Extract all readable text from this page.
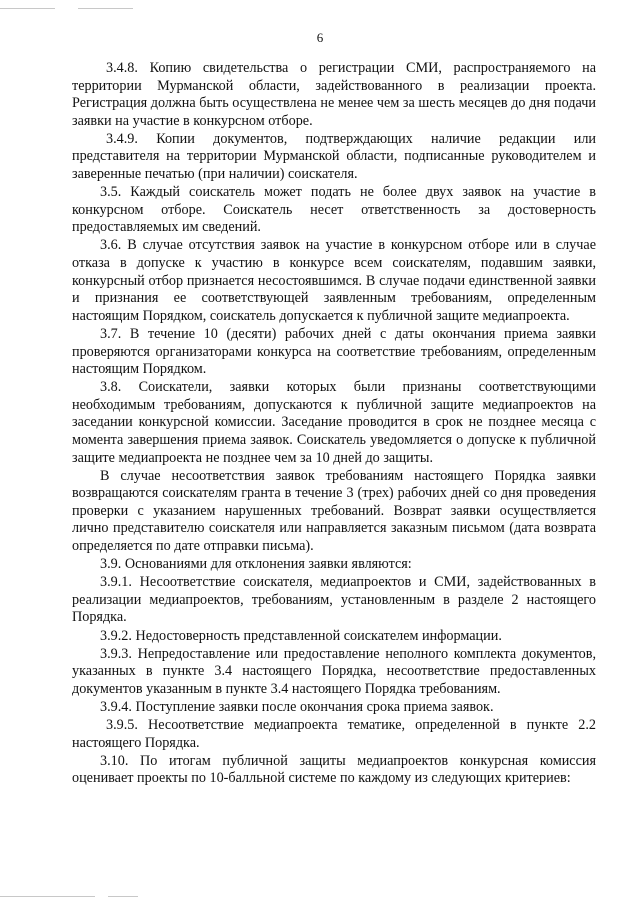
6

3.4.8. Копию свидетельства о регистрации СМИ, распространяемого на территории Мурманской области, задействованного в реализации проекта. Регистрация должна быть осуществлена не менее чем за шесть месяцев до дня подачи заявки на участие в конкурсном отборе.

3.4.9. Копии документов, подтверждающих наличие редакции или представителя на территории Мурманской области, подписанные руководителем и заверенные печатью (при наличии) соискателя.

3.5. Каждый соискатель может подать не более двух заявок на участие в конкурсном отборе. Соискатель несет ответственность за достоверность предоставляемых им сведений.

3.6. В случае отсутствия заявок на участие в конкурсном отборе или в случае отказа в допуске к участию в конкурсе всем соискателям, подавшим заявки, конкурсный отбор признается несостоявшимся. В случае подачи единственной заявки и признания ее соответствующей заявленным требованиям, определенным настоящим Порядком, соискатель допускается к публичной защите медиапроекта.

3.7. В течение 10 (десяти) рабочих дней с даты окончания приема заявки проверяются организаторами конкурса на соответствие требованиям, определенным настоящим Порядком.

3.8. Соискатели, заявки которых были признаны соответствующими необходимым требованиям, допускаются к публичной защите медиапроектов на заседании конкурсной комиссии. Заседание проводится в срок не позднее месяца с момента завершения приема заявок. Соискатель уведомляется о допуске к публичной защите медиапроекта не позднее чем за 10 дней до защиты.

В случае несоответствия заявок требованиям настоящего Порядка заявки возвращаются соискателям гранта в течение 3 (трех) рабочих дней со дня проведения проверки с указанием нарушенных требований. Возврат заявки осуществляется лично представителю соискателя или направляется заказным письмом (дата возврата определяется по дате отправки письма).

3.9. Основаниями для отклонения заявки являются:

3.9.1. Несоответствие соискателя, медиапроектов и СМИ, задействованных в реализации медиапроектов, требованиям, установленным в разделе 2 настоящего Порядка.

3.9.2. Недостоверность представленной соискателем информации.

3.9.3. Непредоставление или предоставление неполного комплекта документов, указанных в пункте 3.4 настоящего Порядка, несоответствие предоставленных документов указанным в пункте 3.4 настоящего Порядка требованиям.

3.9.4. Поступление заявки после окончания срока приема заявок.

3.9.5. Несоответствие медиапроекта тематике, определенной в пункте 2.2 настоящего Порядка.

3.10. По итогам публичной защиты медиапроектов конкурсная комиссия оценивает проекты по 10-балльной системе по каждому из следующих критериев:
